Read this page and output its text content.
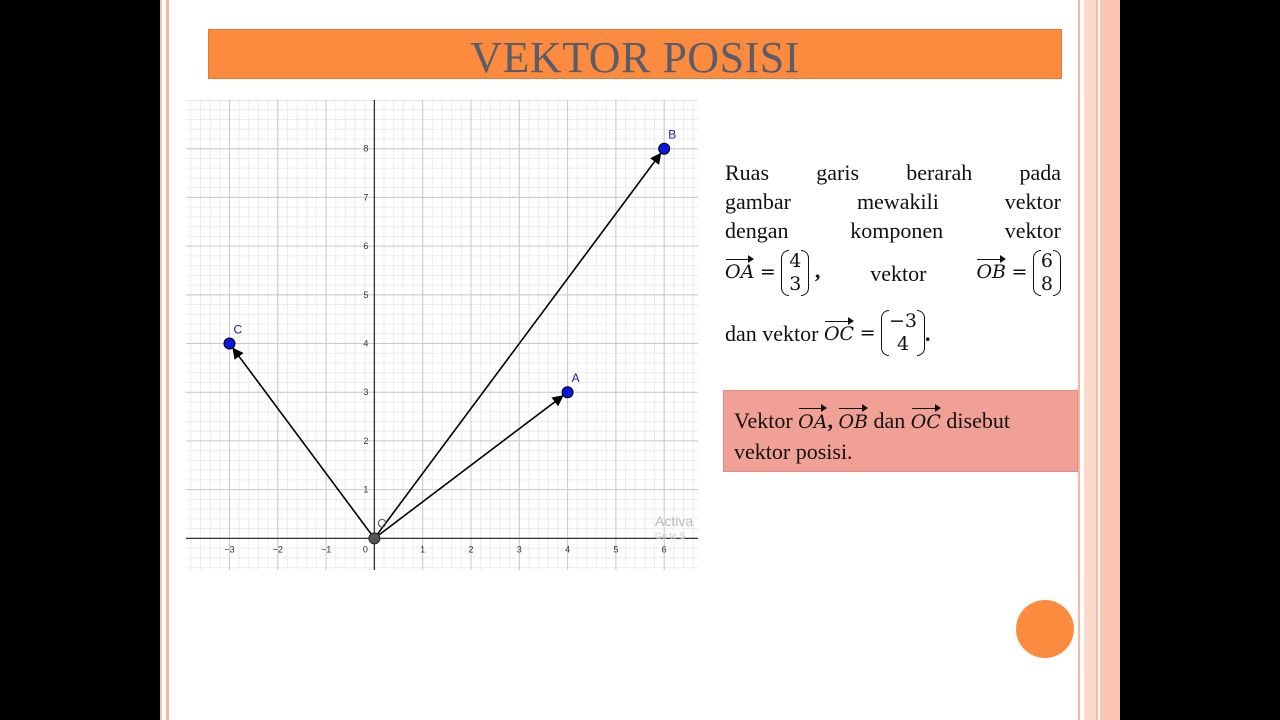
VEKTOR POSISI
−3	−2	−1	0	1	2	3	4	5	6
1
2
3
4
5
6
7
8
A
B
C
O	Activa
Go to S
Ruas garis berarah pada
gambar mewakili vektor
dengan komponen vektor
OA =
4
3
, vektor	OB =
6
8
dan vektor
OC
=

−3
4 .
Vektor OA, OB dan OC disebut
vektor posisi.
